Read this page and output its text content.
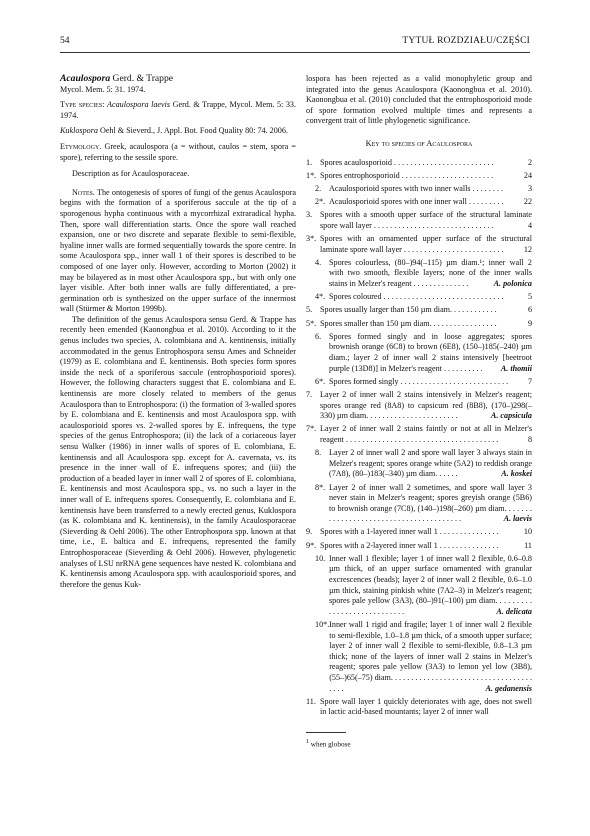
54	TYTUŁ ROZDZIAŁU/CZĘŚCI

Acaulospora Gerd. & Trappe

Mycol. Mem. 5: 31. 1974.

Type species: Acaulospora laevis Gerd. & Trappe, Mycol. Mem. 5: 33. 1974.

Kuklospora Oehl & Sieverd., J. Appl. Bot. Food Quality 80: 74. 2006.

Etymology. Greek, acaulospora (a = without, caulos = stem, spora = spore), referring to the sessile spore.

Description as for Acaulosporaceae.

Notes. The ontogenesis of spores of fungi of the genus Acaulospora begins with the formation of a sporiferous saccule at the tip of a sporogenous hypha continuous with a mycorrhizal extraradical hypha. Then, spore wall differentiation starts. Once the spore wall reached expansion, one or two discrete and separate flexible to semi-flexible, hyaline inner walls are formed sequentially towards the spore centre. In some Acaulospora spp., inner wall 1 of their spores is described to be composed of one layer only. However, according to Morton (2002) it may be bilayered as in most other Acaulospora spp., but with only one layer visible. After both inner walls are fully differentiated, a pre-germination orb is synthesized on the upper surface of the innermost wall (Stürmer & Morton 1999b).

The definition of the genus Acaulospora sensu Gerd. & Trappe has recently been emended (Kaonongbua et al. 2010). According to it the genus includes two species, A. colombiana and A. kentinensis, initially accommodated in the genus Entrophospora sensu Ames and Schneider (1979) as E. colombiana and E. kentinensis. Both species form spores inside the neck of a sporiferous saccule (entrophosporioid spores). However, the following characters suggest that E. colombiana and E. kentinensis are more closely related to members of the genus Acaulospora than to Entrophospora: (i) the formation of 3-walled spores by E. colombiana and E. kentinensis and most Acaulospora spp. with acaulosporioid spores vs. 2-walled spores by E. infrequens, the type species of the genus Entrophospora; (ii) the lack of a coriaceous layer sensu Walker (1986) in inner walls of spores of E. colombiana, E. kentinensis and all Acaulospora spp. except for A. cavernata, vs. its presence in the inner wall of E. infrequens spores; and (iii) the production of a beaded layer in inner wall 2 of spores of E. colombiana, E. kentinensis and most Acaulospora spp., vs. no such a layer in the inner wall of E. infrequens spores. Consequently, E. colombiana and E. kentinensis have been transferred to a newly erected genus, Kuklospora (as K. colombiana and K. kentinensis), in the family Acaulosporaceae (Sieverding & Oehl 2006). The other Entrophospora spp. known at that time, i.e., E. baltica and E. infrequens, represented the family Entrophosporaceae (Sieverding & Oehl 2006). However, phylogenetic analyses of LSU nrRNA gene sequences have nested K. colombiana and K. kentinensis among Acaulospora spp. with acaulosporioid spores, and therefore the genus Kuk-

lospora has been rejected as a valid monophyletic group and integrated into the genus Acaulospora (Kaonongbua et al. 2010). Kaonongbua et al. (2010) concluded that the entrophosporioid mode of spore formation evolved multiple times and represents a convergent trait of little phylogenetic significance.

Key to species of Acaulospora

1. Spores acaulosporioid . . . . . . . . . . . . . . . . . . . . . . . . .	2
1*. Spores entrophosporioid . . . . . . . . . . . . . . . . . . . . . . .	24
2. Acaulosporioid spores with two inner walls . . . . . . . .	3
2*. Acaulosporioid spores with one inner wall . . . . . . . . .	22
3. Spores with a smooth upper surface of the structural laminate spore wall layer . . . . . . . . . . . . . . . . . . . . . . . . . . . . . .	4
3*. Spores with an ornamented upper surface of the structural laminate spore wall layer . . . . . . . . . . . . . . . . . . . . . . . . .	12
4. Spores colourless, (80–)94(–115) µm diam.¹; inner wall 2 with two smooth, flexible layers; none of the inner walls stains in Melzer's reagent . . . . . . . . . . . . . .	A. polonica
4*. Spores coloured . . . . . . . . . . . . . . . . . . . . . . . . . . . . . .	5
5. Spores usually larger than 150 µm diam. . . . . . . . . . . .	6
5*. Spores smaller than 150 µm diam. . . . . . . . . . . . . . . . .	9
6. Spores formed singly and in loose aggregates; spores brownish orange (6C8) to brown (6E8), (150–)185(–240) µm diam.; layer 2 of inner wall 2 stains intensively [beetroot purple (13D8)] in Melzer's reagent . . . . . . . . . .	A. thomii
6*. Spores formed singly . . . . . . . . . . . . . . . . . . . . . . . . . . .	7
7. Layer 2 of inner wall 2 stains intensively in Melzer's reagent; spores orange red (8A8) to capsicum red (8B8), (170–)298(–330) µm diam. . . . . . . . . . . . . . . . . . . . . . .	A. capsicula
7*. Layer 2 of inner wall 2 stains faintly or not at all in Melzer's reagent . . . . . . . . . . . . . . . . . . . . . . . . . . . . . . . . . . . . . .	8
8. Layer 2 of inner wall 2 and spore wall layer 3 always stain in Melzer's reagent; spores orange white (5A2) to reddish orange (7A8), (80–)183(–340) µm diam. . . . . .	A. koskei
8*. Layer 2 of inner wall 2 sometimes, and spore wall layer 3 never stain in Melzer's reagent; spores greyish orange (5B6) to brownish orange (7C8), (140–)198(–260) µm diam. . . . . . . . . . . . . . . . . . . . . . . . . . . . . . . . . . . . . . . .	A. laevis
9. Spores with a 1-layered inner wall 1 . . . . . . . . . . . . . . .	10
9*. Spores with a 2-layered inner wall 1 . . . . . . . . . . . . . . .	11
10. Inner wall 1 flexible; layer 1 of inner wall 2 flexible, 0.6–0.8 µm thick, of an upper surface ornamented with granular excrescences (beads); layer 2 of inner wall 2 flexible, 0.6–1.0 µm thick, staining pinkish white (7A2–3) in Melzer's reagent; spores pale yellow (3A3), (80–)91(–100) µm diam. . . . . . . . . . . . . . . . . . . . . . . . . . . .	A. delicata
10*. Inner wall 1 rigid and fragile; layer 1 of inner wall 2 flexible to semi-flexible, 1.0–1.8 µm thick, of a smooth upper surface; layer 2 of inner wall 2 flexible to semi-flexible, 0.8–1.3 µm thick; none of the layers of inner wall 2 stains in Melzer's reagent; spores pale yellow (3A3) to lemon yel low (3B8), (55–)65(–75) diam. . . . . . . . . . . . . . . . . . . . . . . . . . . . . . . . . . . . . . .	A. gedanensis
11. Spore wall layer 1 quickly deteriorates with age, does not swell in lactic acid-based mountants; layer 2 of inner wall

$^1$ when globose
